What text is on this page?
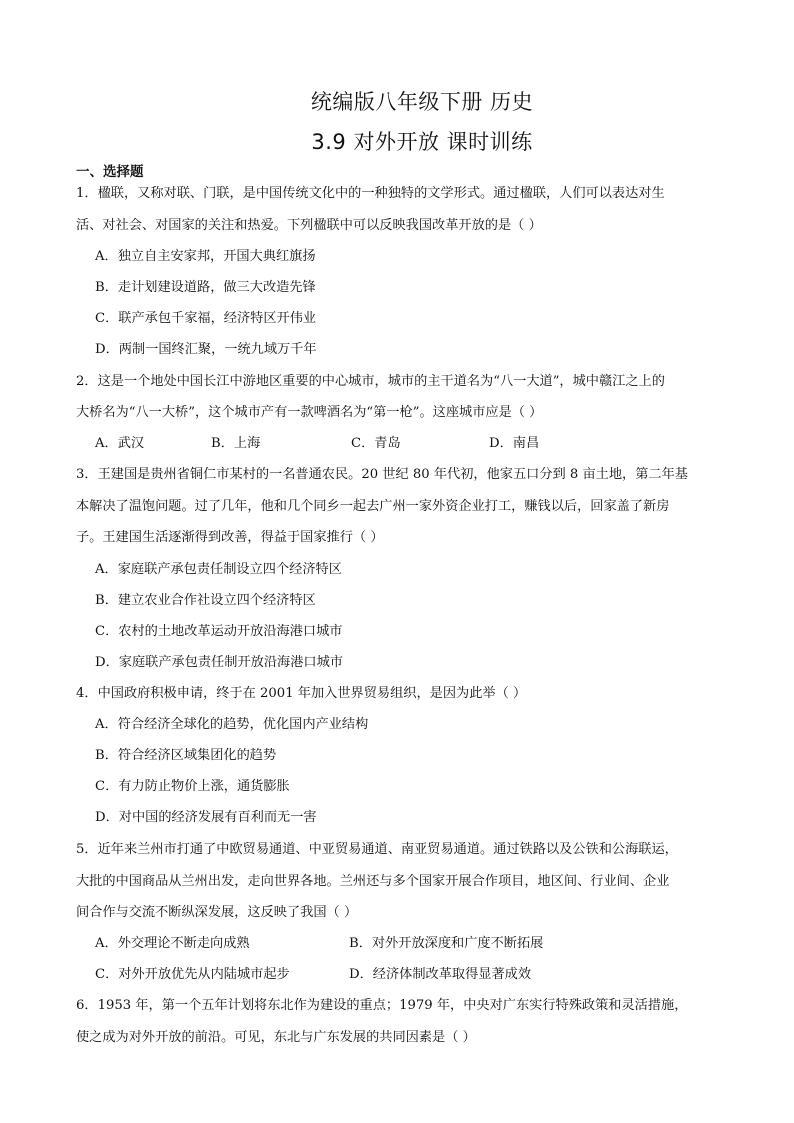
统编版八年级下册 历史
3.9 对外开放 课时训练
一、选择题
1．楹联，又称对联、门联，是中国传统文化中的一种独特的文学形式。通过楹联，人们可以表达对生
活、对社会、对国家的关注和热爱。下列楹联中可以反映我国改革开放的是（ ）
A．独立自主安家邦，开国大典红旗扬
B．走计划建设道路，做三大改造先锋
C．联产承包千家福，经济特区开伟业
D．两制一国终汇聚，一统九域万千年
2．这是一个地处中国长江中游地区重要的中心城市，城市的主干道名为“八一大道”，城中赣江之上的
大桥名为“八一大桥”，这个城市产有一款啤酒名为“第一枪”。这座城市应是（ ）
A．武汉	B．上海	C．青岛	D．南昌
3．王建国是贵州省铜仁市某村的一名普通农民。20 世纪 80 年代初，他家五口分到 8 亩土地，第二年基
本解决了温饱问题。过了几年，他和几个同乡一起去广州一家外资企业打工，赚钱以后，回家盖了新房
子。王建国生活逐渐得到改善，得益于国家推行（ ）
A．家庭联产承包责任制设立四个经济特区
B．建立农业合作社设立四个经济特区
C．农村的土地改革运动开放沿海港口城市
D．家庭联产承包责任制开放沿海港口城市
4．中国政府积极申请，终于在 2001 年加入世界贸易组织，是因为此举（ ）
A．符合经济全球化的趋势，优化国内产业结构
B．符合经济区域集团化的趋势
C．有力防止物价上涨，通货膨胀
D．对中国的经济发展有百利而无一害
5．近年来兰州市打通了中欧贸易通道、中亚贸易通道、南亚贸易通道。通过铁路以及公铁和公海联运，
大批的中国商品从兰州出发，走向世界各地。兰州还与多个国家开展合作项目，地区间、行业间、企业
间合作与交流不断纵深发展，这反映了我国（ ）
A．外交理论不断走向成熟	B．对外开放深度和广度不断拓展
C．对外开放优先从内陆城市起步	D．经济体制改革取得显著成效
6．1953 年，第一个五年计划将东北作为建设的重点；1979 年，中央对广东实行特殊政策和灵活措施，
使之成为对外开放的前沿。可见，东北与广东发展的共同因素是（ ）
